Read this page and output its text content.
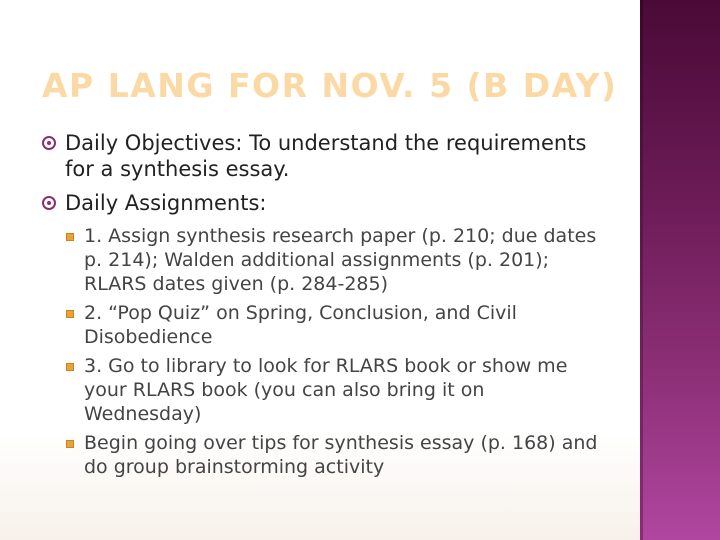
AP LANG FOR NOV. 5 (B DAY)
Daily Objectives: To understand the requirements for a synthesis essay.
Daily Assignments:
1. Assign synthesis research paper (p. 210; due dates p. 214); Walden additional assignments (p. 201); RLARS dates given (p. 284-285)
2. “Pop Quiz” on Spring, Conclusion, and Civil Disobedience
3. Go to library to look for RLARS book or show me your RLARS book (you can also bring it on Wednesday)
Begin going over tips for synthesis essay (p. 168) and do group brainstorming activity
